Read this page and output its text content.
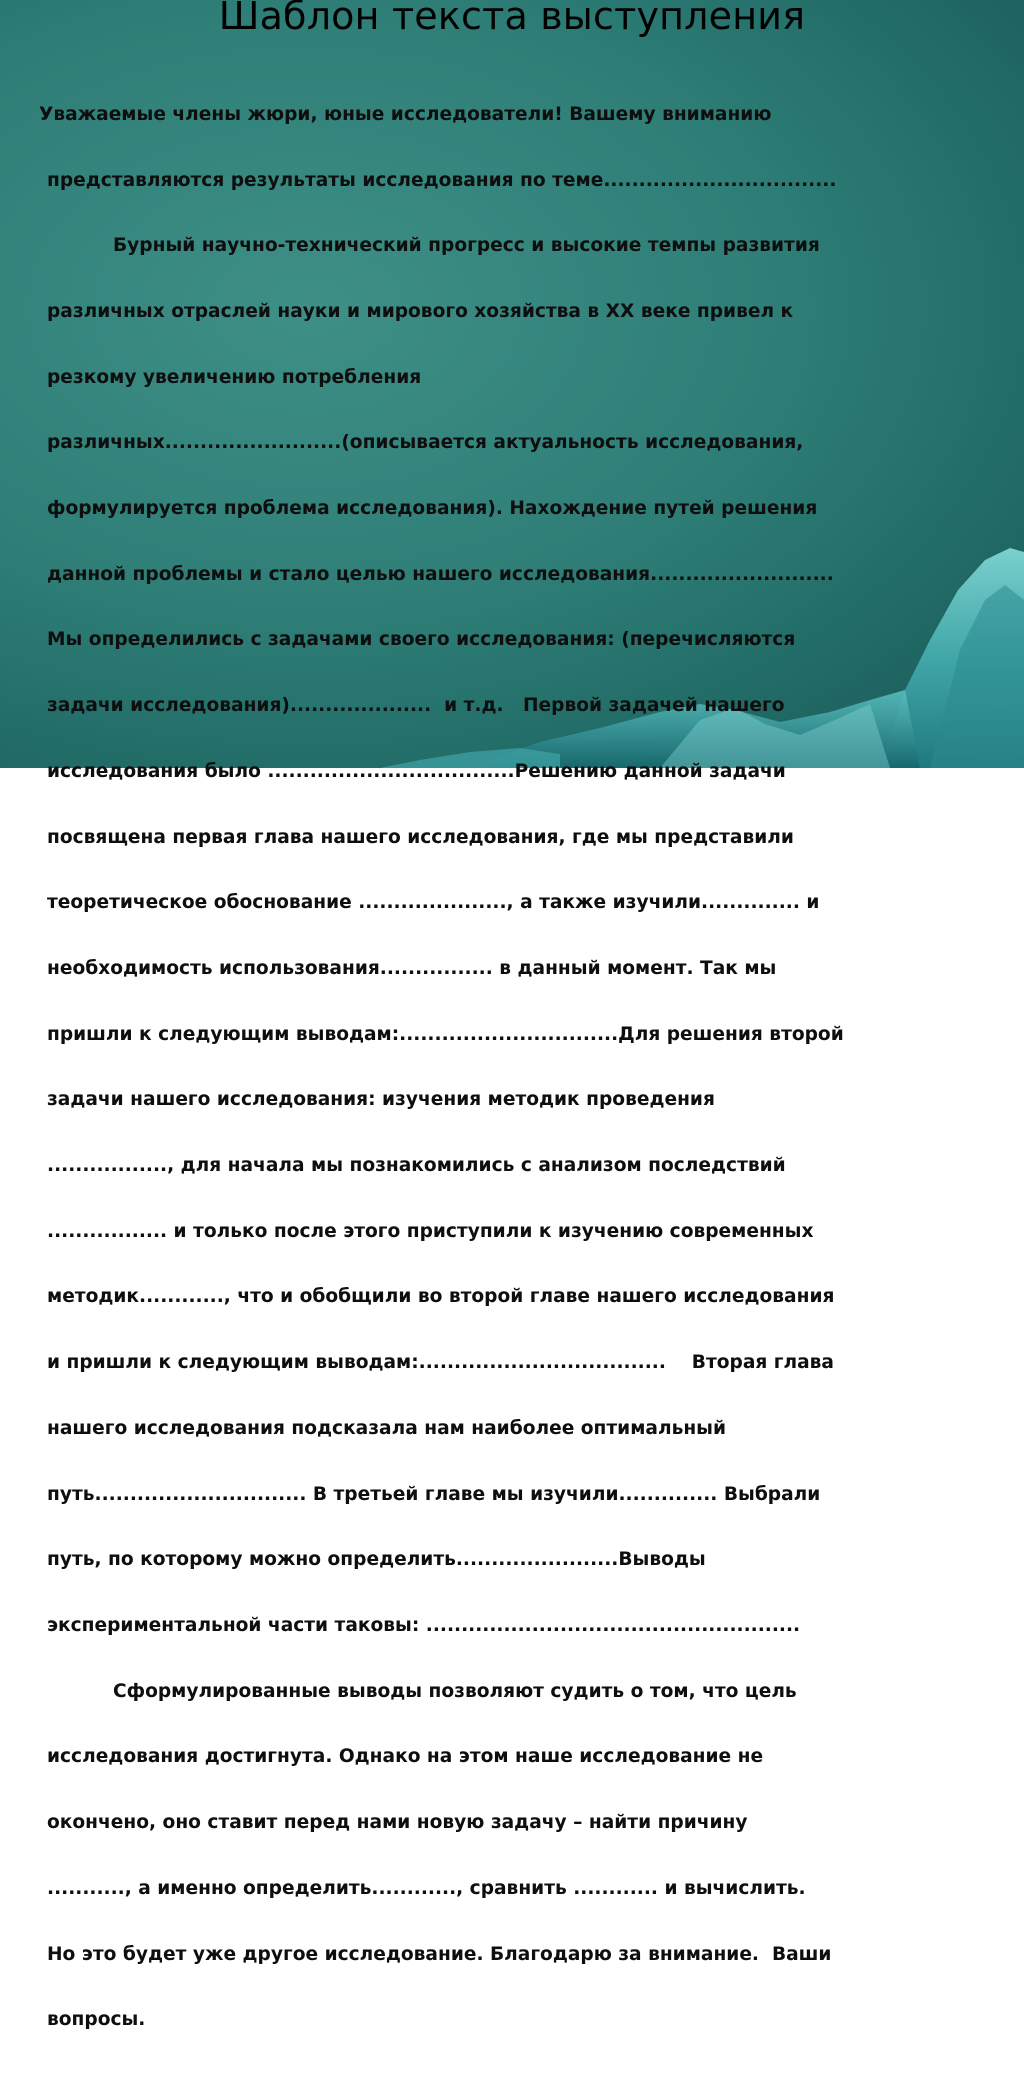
Шаблон текста выступления

Уважаемые члены жюри, юные исследователи! Вашему вниманию

представляются результаты исследования по теме.................................

Бурный научно-технический прогресс и высокие темпы развития

различных отраслей науки и мирового хозяйства в XX веке привел к

резкому увеличению потребления

различных.........................(описывается актуальность исследования,

формулируется проблема исследования). Нахождение путей решения

данной проблемы и стало целью нашего исследования..........................

Мы определились с задачами своего исследования: (перечисляются

задачи исследования)....................  и т.д.   Первой задачей нашего

исследования было ...................................Решению данной задачи

посвящена первая глава нашего исследования, где мы представили

теоретическое обоснование ....................., а также изучили.............. и

необходимость использования................ в данный момент. Так мы

пришли к следующим выводам:...............................Для решения второй

задачи нашего исследования: изучения методик проведения

................., для начала мы познакомились с анализом последствий

................. и только после этого приступили к изучению современных

методик............, что и обобщили во второй главе нашего исследования

и пришли к следующим выводам:...................................    Вторая глава

нашего исследования подсказала нам наиболее оптимальный

путь.............................. В третьей главе мы изучили.............. Выбрали

путь, по которому можно определить.......................Выводы

экспериментальной части таковы: .....................................................

Сформулированные выводы позволяют судить о том, что цель

исследования достигнута. Однако на этом наше исследование не

окончено, оно ставит перед нами новую задачу – найти причину

..........., а именно определить............, сравнить ............ и вычислить.

Но это будет уже другое исследование. Благодарю за внимание.  Ваши

вопросы.
